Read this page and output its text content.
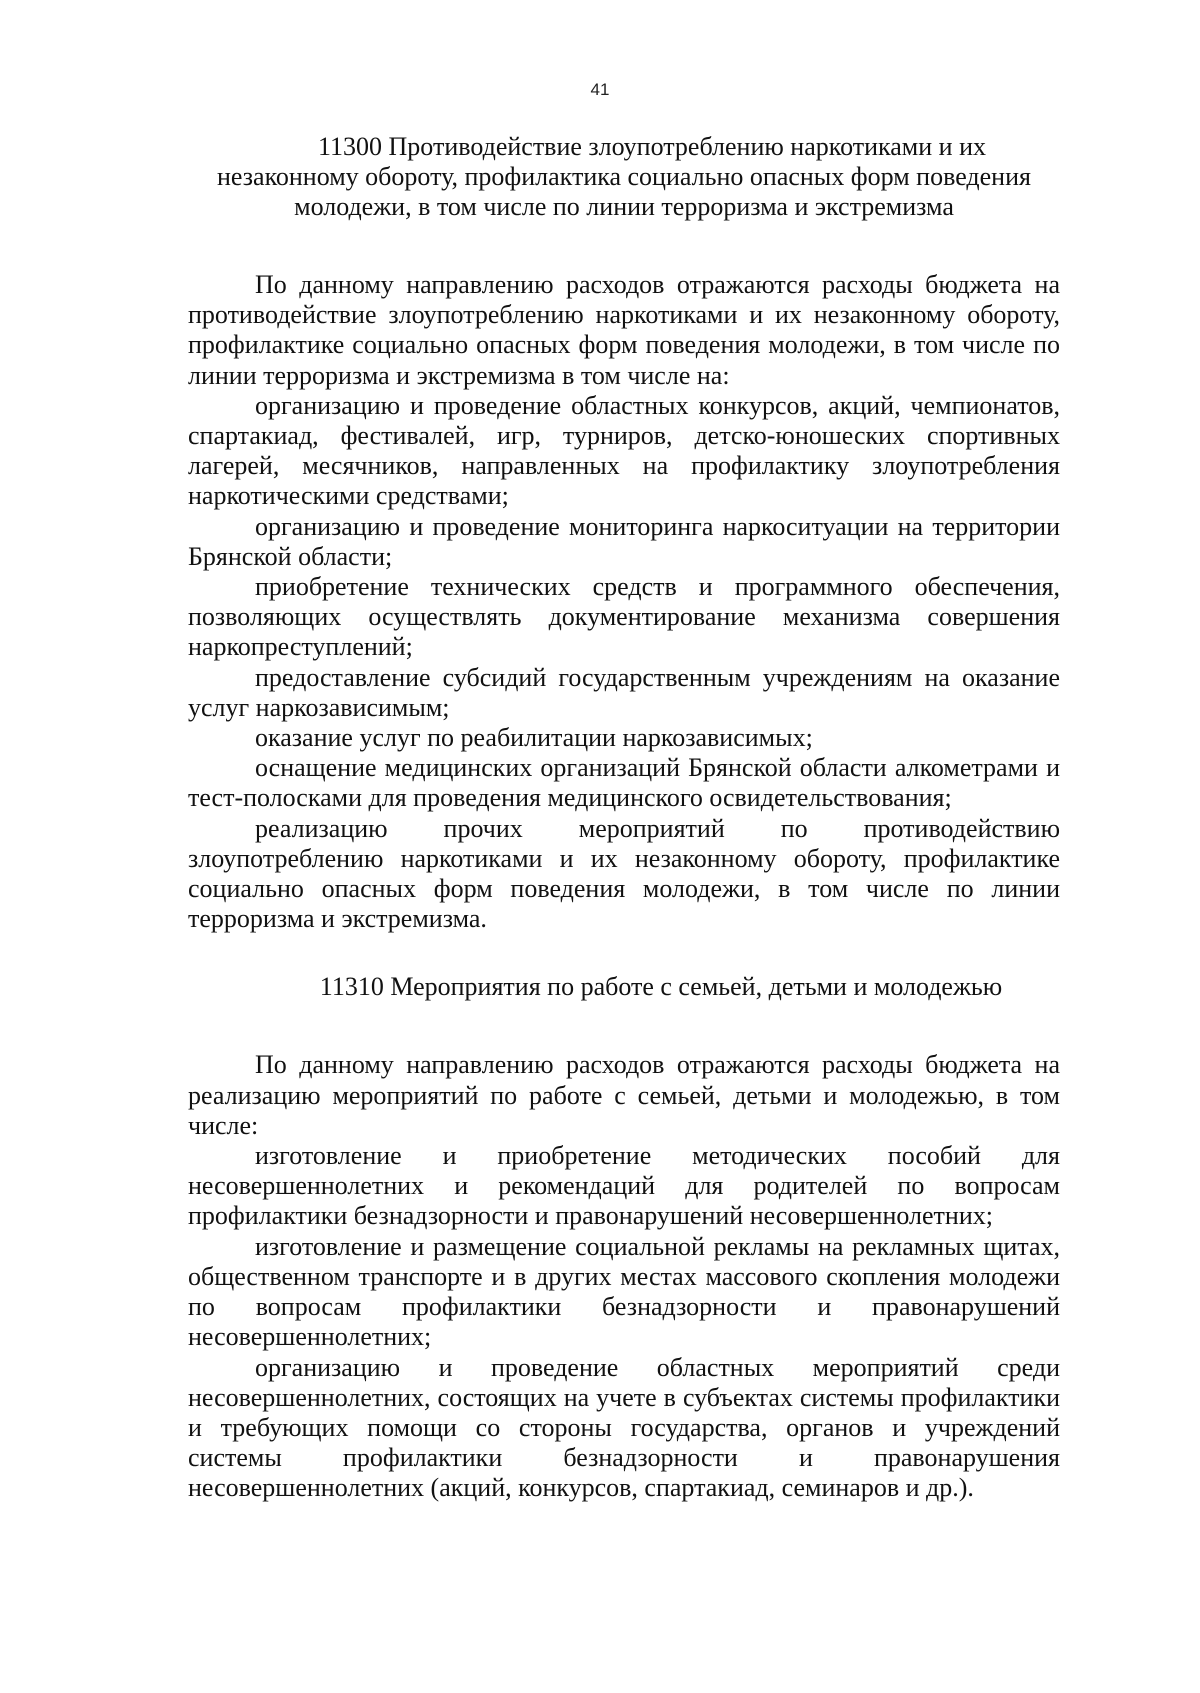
41
11300 Противодействие злоупотреблению наркотиками и их
незаконному обороту, профилактика социально опасных форм поведения
молодежи, в том числе по линии терроризма и экстремизма

По данному направлению расходов отражаются расходы бюджета на противодействие злоупотреблению наркотиками и их незаконному обороту, профилактике социально опасных форм поведения молодежи, в том числе по линии терроризма и экстремизма в том числе на:

организацию и проведение областных конкурсов, акций, чемпионатов, спартакиад, фестивалей, игр, турниров, детско-юношеских спортивных лагерей, месячников, направленных на профилактику злоупотребления наркотическими средствами;

организацию и проведение мониторинга наркоситуации на территории Брянской области;

приобретение технических средств и программного обеспечения, позволяющих осуществлять документирование механизма совершения наркопреступлений;

предоставление субсидий государственным учреждениям на оказание услуг наркозависимым;

оказание услуг по реабилитации наркозависимых;

оснащение медицинских организаций Брянской области алкометрами и тест-полосками для проведения медицинского освидетельствования;

реализацию прочих мероприятий по противодействию злоупотреблению наркотиками и их незаконному обороту, профилактике социально опасных форм поведения молодежи, в том числе по линии терроризма и экстремизма.

11310 Мероприятия по работе с семьей, детьми и молодежью

По данному направлению расходов отражаются расходы бюджета на реализацию мероприятий по работе с семьей, детьми и молодежью, в том числе:

изготовление и приобретение методических пособий для несовершеннолетних и рекомендаций для родителей по вопросам профилактики безнадзорности и правонарушений несовершеннолетних;

изготовление и размещение социальной рекламы на рекламных щитах, общественном транспорте и в других местах массового скопления молодежи по вопросам профилактики безнадзорности и правонарушений несовершеннолетних;

организацию и проведение областных мероприятий среди несовершеннолетних, состоящих на учете в субъектах системы профилактики и требующих помощи со стороны государства, органов и учреждений системы профилактики безнадзорности и правонарушения несовершеннолетних (акций, конкурсов, спартакиад, семинаров и др.).
